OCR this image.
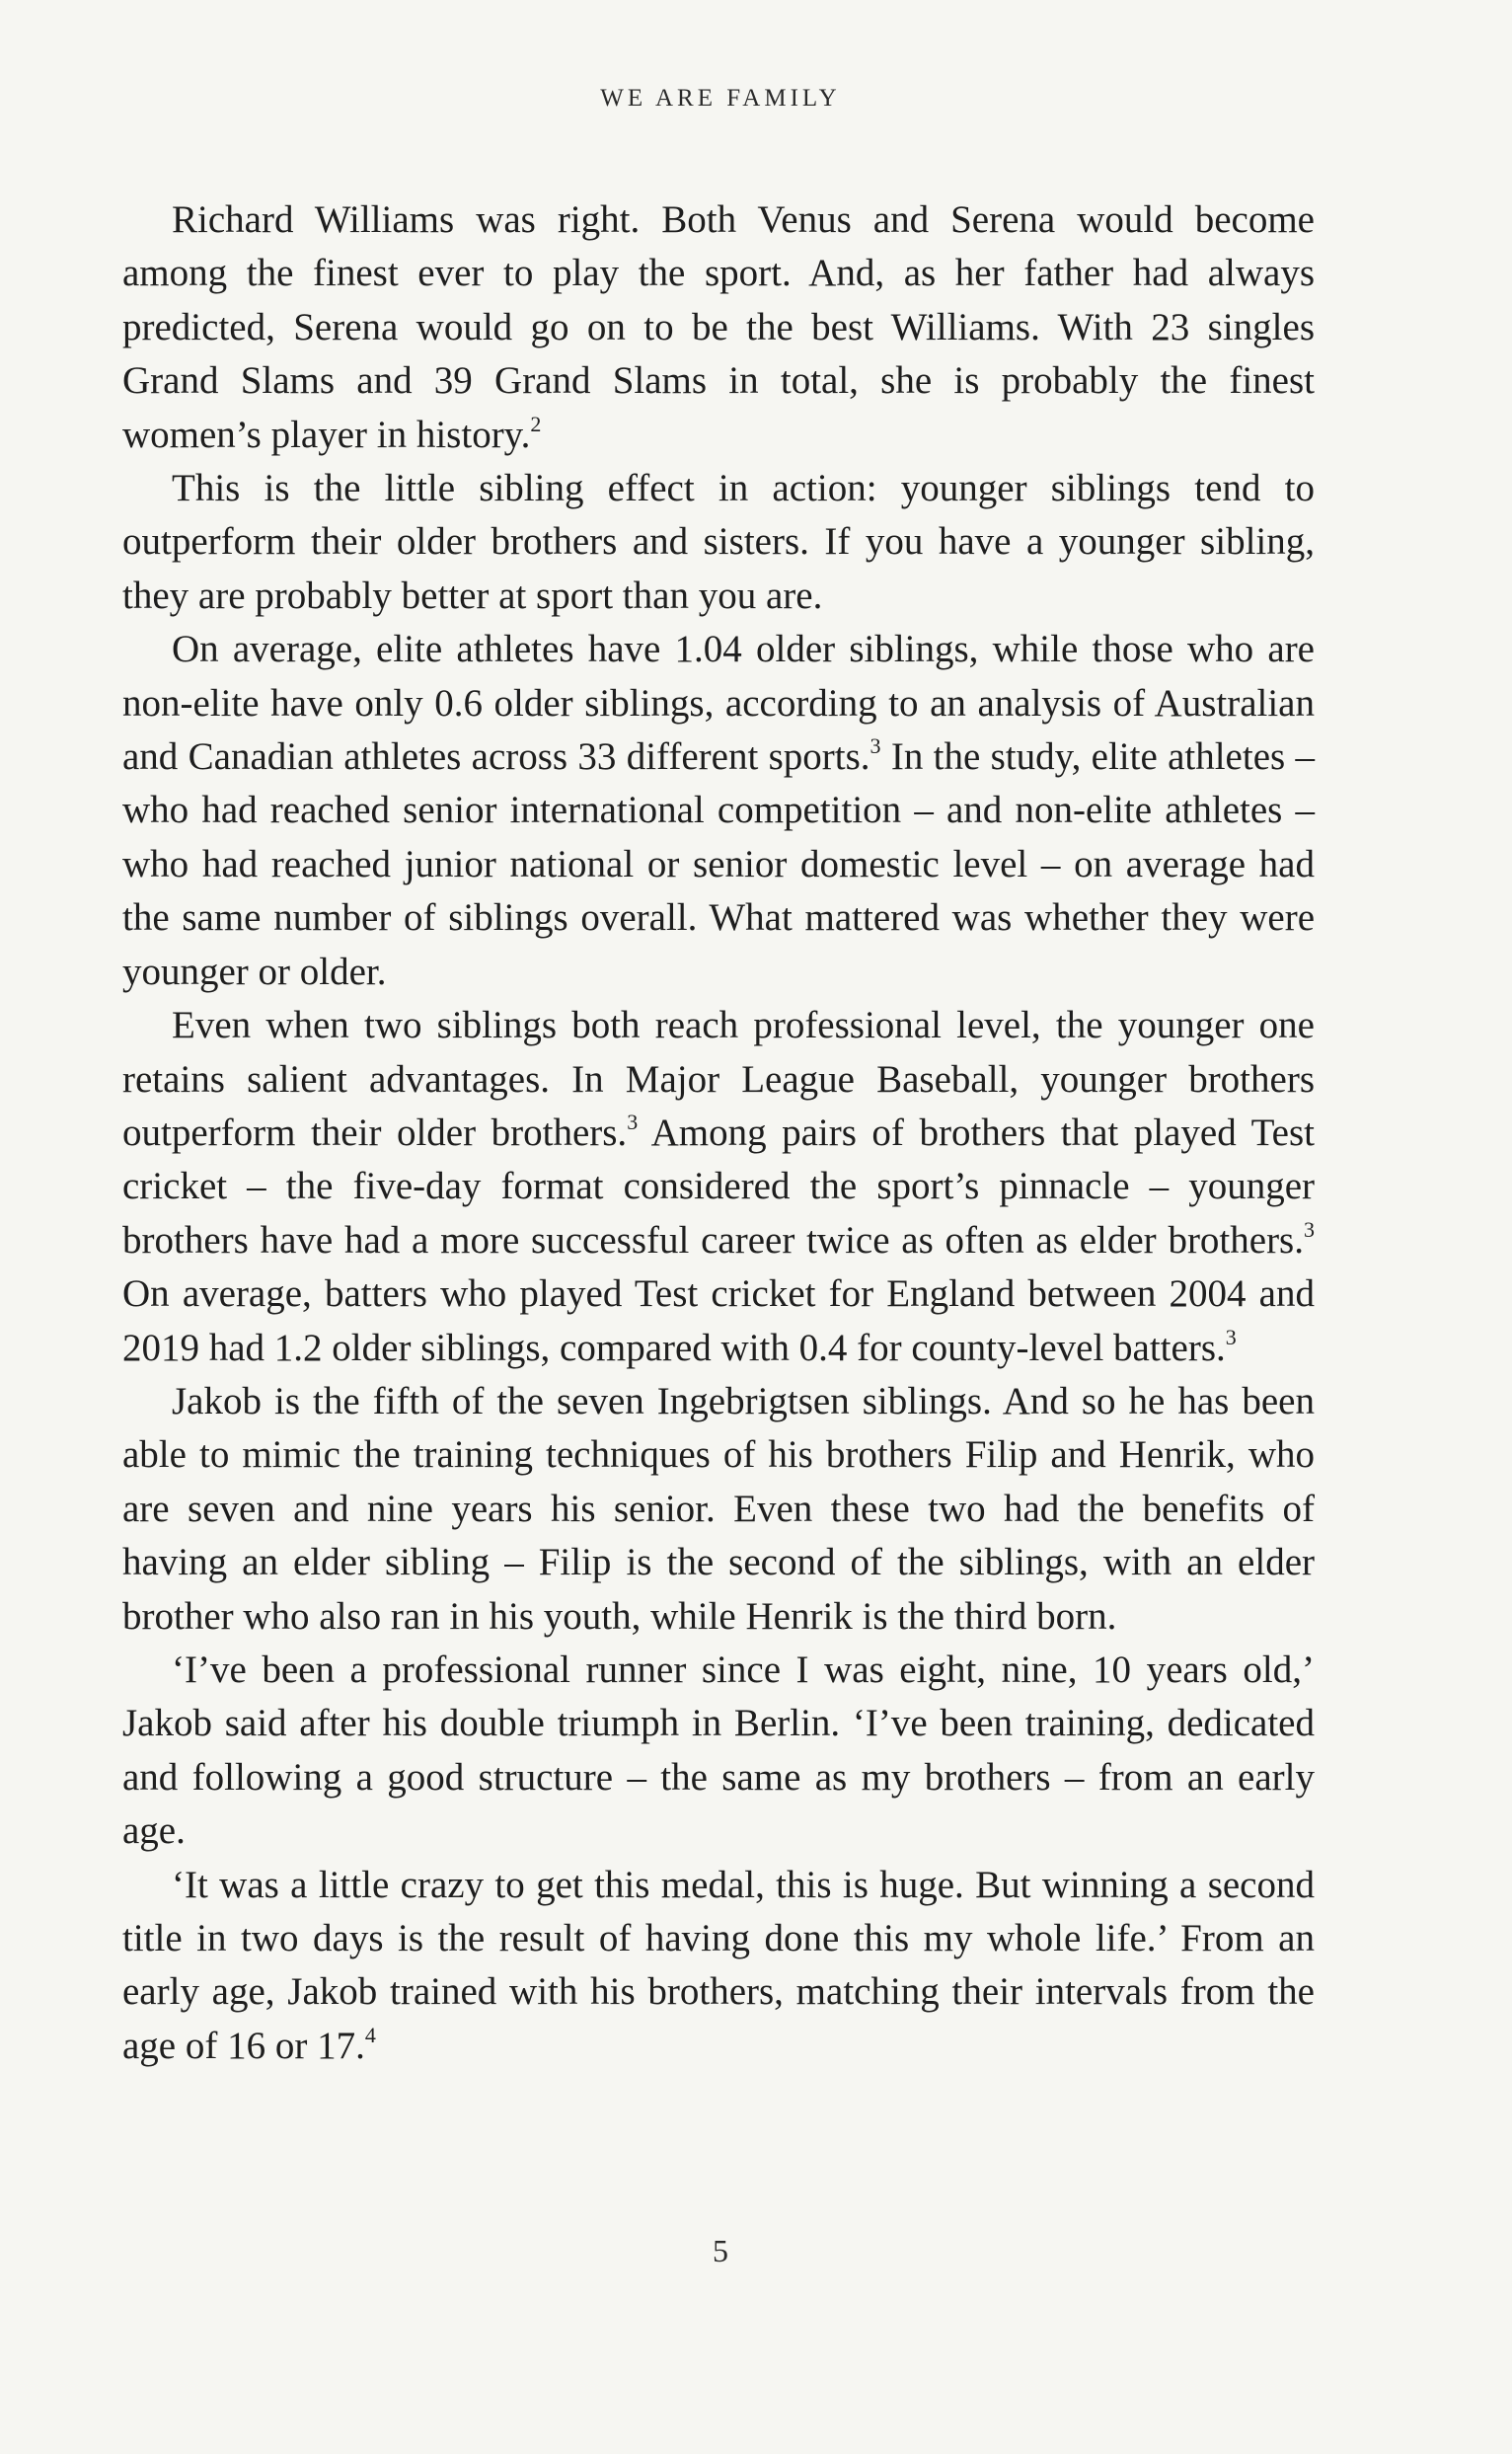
WE ARE FAMILY

Richard Williams was right. Both Venus and Serena would become among the finest ever to play the sport. And, as her father had always predicted, Serena would go on to be the best Williams. With 23 singles Grand Slams and 39 Grand Slams in total, she is probably the finest women’s player in history.$^2$

This is the little sibling effect in action: younger siblings tend to outperform their older brothers and sisters. If you have a younger sibling, they are probably better at sport than you are.

On average, elite athletes have 1.04 older siblings, while those who are non-elite have only 0.6 older siblings, according to an analysis of Australian and Canadian athletes across 33 different sports.$^3$ In the study, elite athletes – who had reached senior international competition – and non-elite athletes – who had reached junior national or senior domestic level – on average had the same number of siblings overall. What mattered was whether they were younger or older.

Even when two siblings both reach professional level, the younger one retains salient advantages. In Major League Baseball, younger brothers outperform their older brothers.$^3$ Among pairs of brothers that played Test cricket – the five-day format considered the sport’s pinnacle – younger brothers have had a more successful career twice as often as elder brothers.$^3$ On average, batters who played Test cricket for England between 2004 and 2019 had 1.2 older siblings, compared with 0.4 for county-level batters.$^3$

Jakob is the fifth of the seven Ingebrigtsen siblings. And so he has been able to mimic the training techniques of his brothers Filip and Henrik, who are seven and nine years his senior. Even these two had the benefits of having an elder sibling – Filip is the second of the siblings, with an elder brother who also ran in his youth, while Henrik is the third born.

‘I’ve been a professional runner since I was eight, nine, 10 years old,’ Jakob said after his double triumph in Berlin. ‘I’ve been training, dedicated and following a good structure – the same as my brothers – from an early age.

‘It was a little crazy to get this medal, this is huge. But winning a second title in two days is the result of having done this my whole life.’ From an early age, Jakob trained with his brothers, matching their intervals from the age of 16 or 17.$^4$

5
